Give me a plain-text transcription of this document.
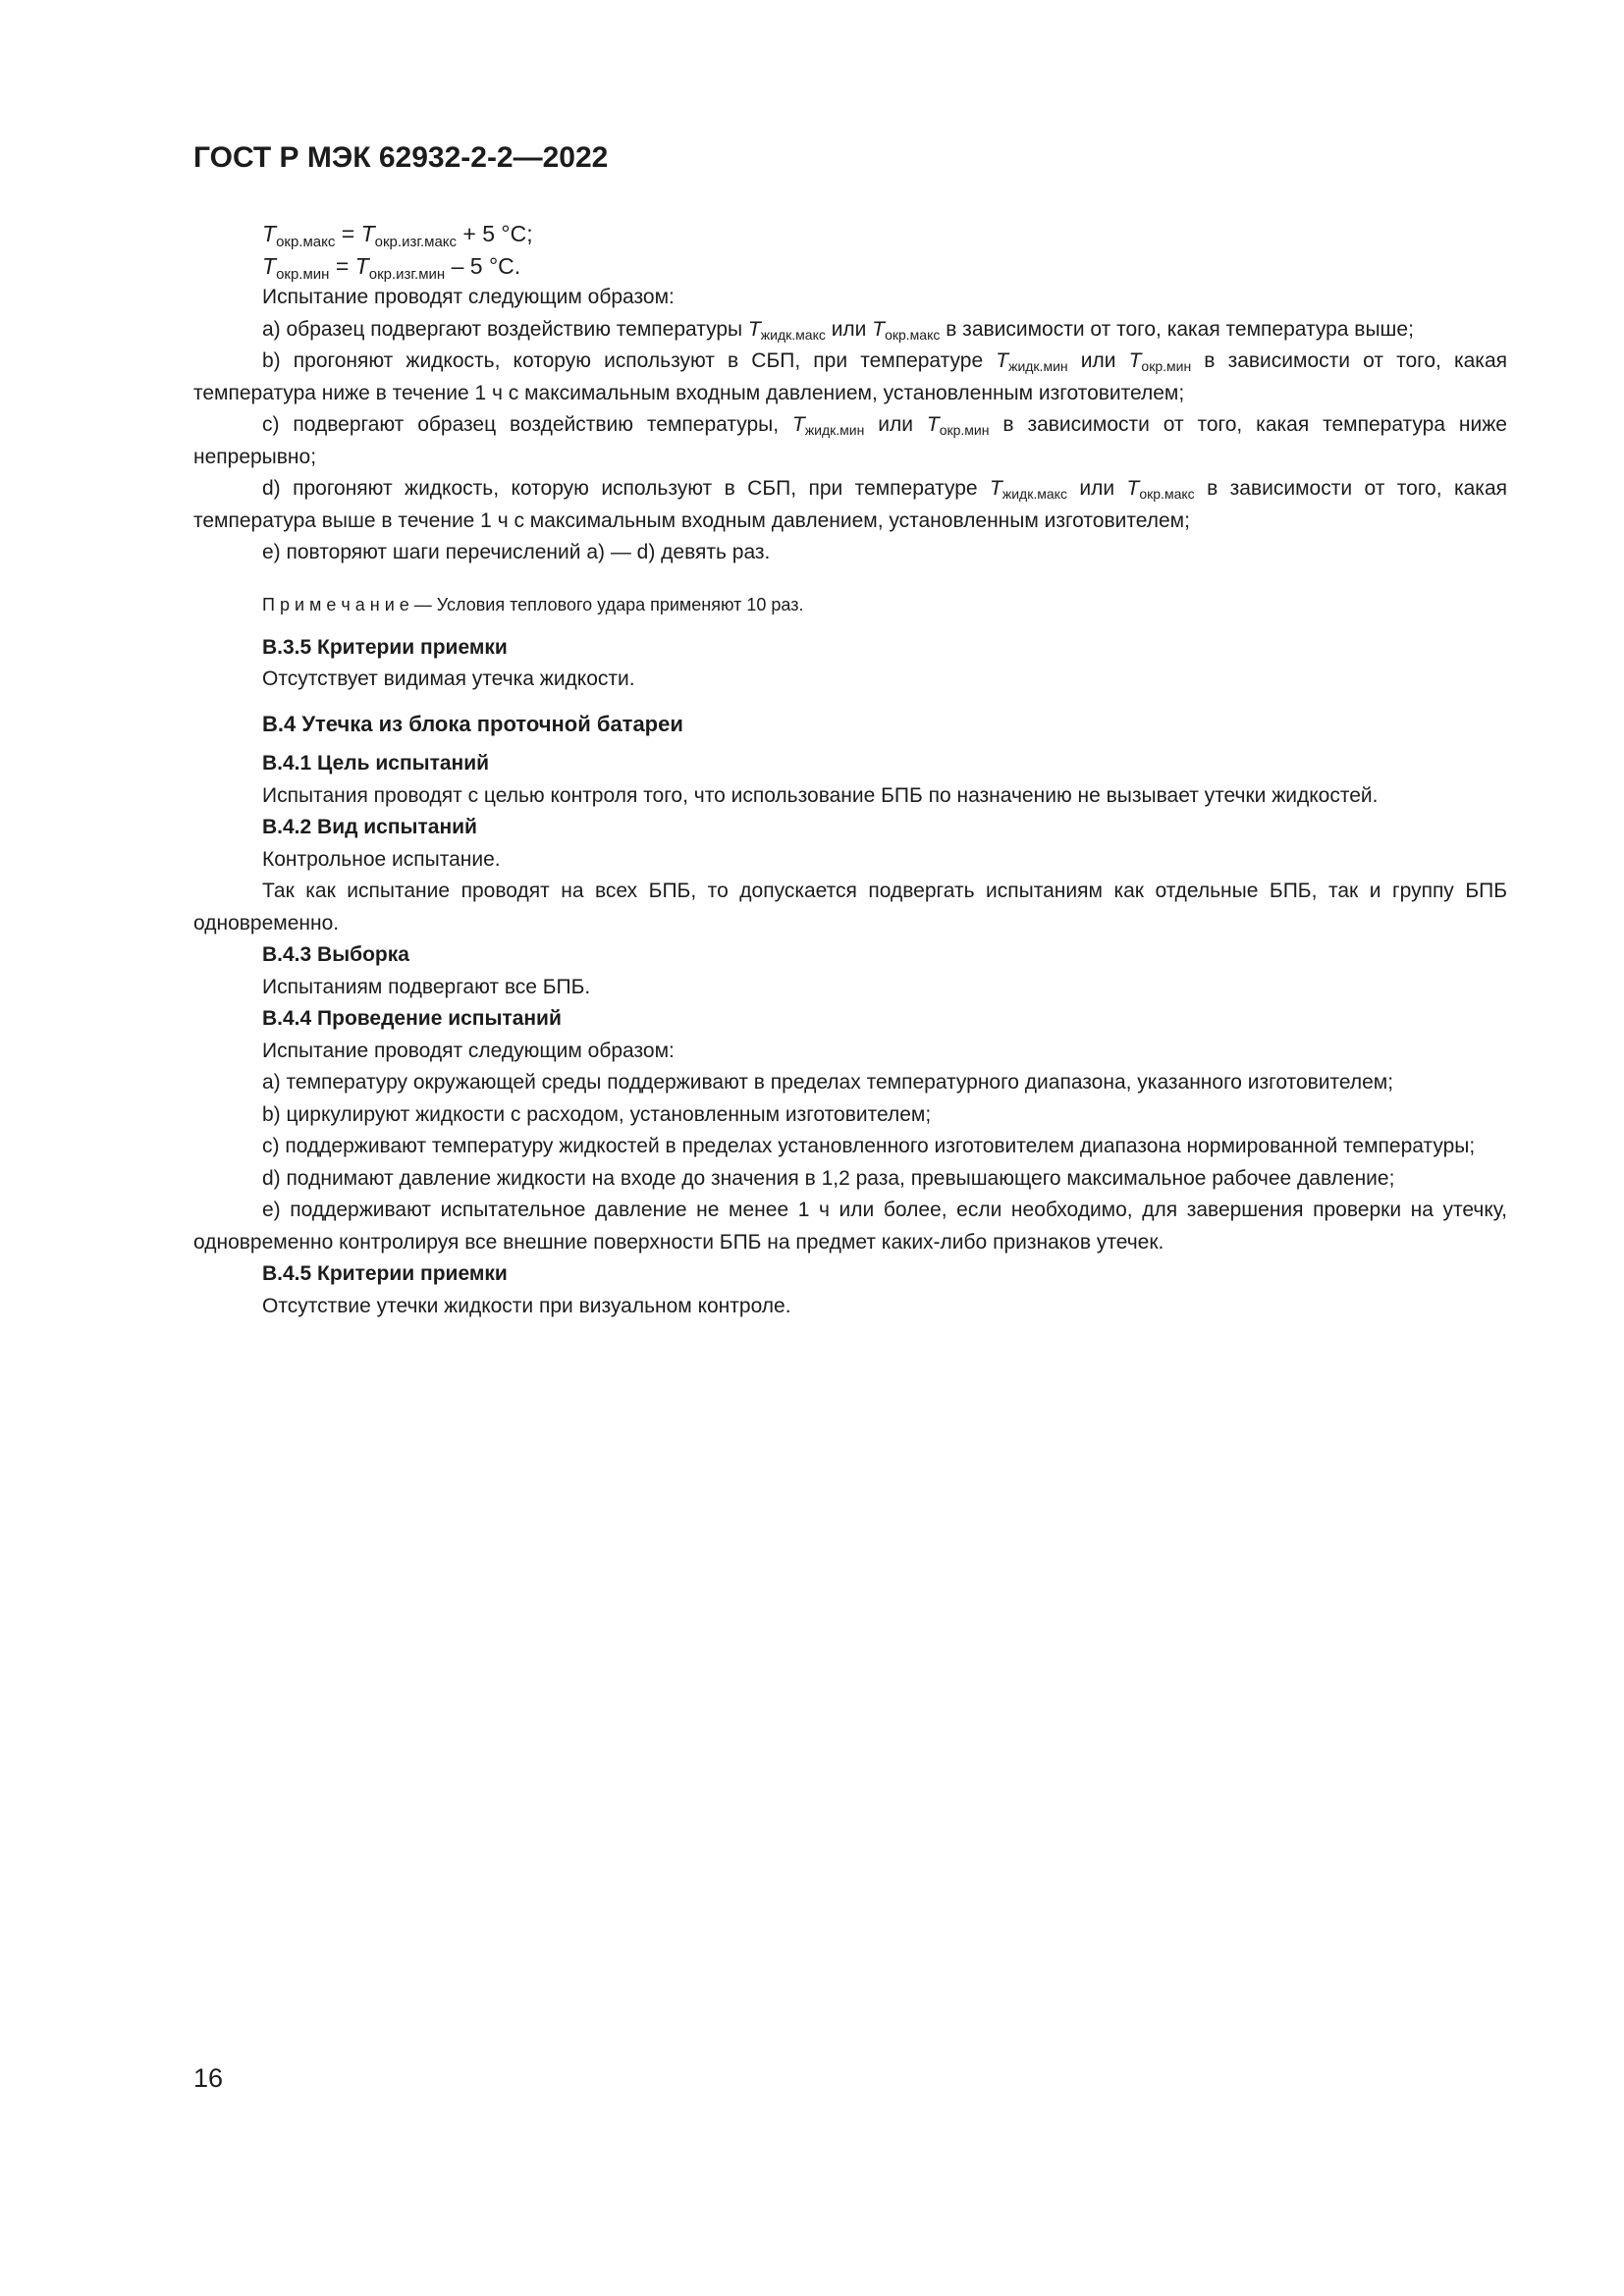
ГОСТ Р МЭК 62932-2-2—2022

$T_{окр.макс} = T_{окр.изг.макс} + 5$ °С;

$T_{окр.мин} = T_{окр.изг.мин} - 5$ °С.

Испытание проводят следующим образом:

a) образец подвергают воздействию температуры $T_{жидк.макс}$ или $T_{окр.макс}$ в зависимости от того, какая температура выше;

b) прогоняют жидкость, которую используют в СБП, при температуре $T_{жидк.мин}$ или $T_{окр.мин}$ в зависимости от того, какая температура ниже в течение 1 ч с максимальным входным давлением, установленным изготовителем;

c) подвергают образец воздействию температуры, $T_{жидк.мин}$ или $T_{окр.мин}$ в зависимости от того, какая температура ниже непрерывно;

d) прогоняют жидкость, которую используют в СБП, при температуре $T_{жидк.макс}$ или $T_{окр.макс}$ в зависимости от того, какая температура выше в течение 1 ч с максимальным входным давлением, установленным изготовителем;

e) повторяют шаги перечислений a) — d) девять раз.

П р и м е ч а н и е — Условия теплового удара применяют 10 раз.

В.3.5 Критерии приемки

Отсутствует видимая утечка жидкости.

В.4 Утечка из блока проточной батареи

В.4.1 Цель испытаний

Испытания проводят с целью контроля того, что использование БПБ по назначению не вызывает утечки жидкостей.

В.4.2 Вид испытаний

Контрольное испытание.

Так как испытание проводят на всех БПБ, то допускается подвергать испытаниям как отдельные БПБ, так и группу БПБ одновременно.

В.4.3 Выборка

Испытаниям подвергают все БПБ.

В.4.4 Проведение испытаний

Испытание проводят следующим образом:

a) температуру окружающей среды поддерживают в пределах температурного диапазона, указанного изготовителем;

b) циркулируют жидкости с расходом, установленным изготовителем;

c) поддерживают температуру жидкостей в пределах установленного изготовителем диапазона нормированной температуры;

d) поднимают давление жидкости на входе до значения в 1,2 раза, превышающего максимальное рабочее давление;

e) поддерживают испытательное давление не менее 1 ч или более, если необходимо, для завершения проверки на утечку, одновременно контролируя все внешние поверхности БПБ на предмет каких-либо признаков утечек.

В.4.5 Критерии приемки

Отсутствие утечки жидкости при визуальном контроле.

16
